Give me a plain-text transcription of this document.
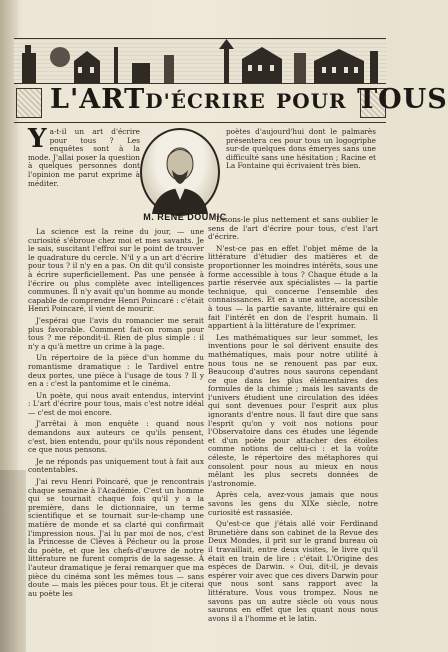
L'ARTD'ÉCRIRE POUR TOUS
M. RENÉ DOUMIC

Ya-t-il un art d'écrire pour tous ? Les enquêtes sont à la mode. J'allai poser la question à quelques personnes dont l'opinion me parut exprime à méditer.

poètes d'aujourd'hui dont le palmarès présentera ces pour tous un logogriphe sur-de quelques dons émeryes sans une difficulté sans une hésitation ; Racine et La Fontaine qui écrivaient très bien.

La science est la reine du jour, — une curiosité s'ébroue chez moi et mes savants. Je le sais, suscitant l'effroi sur le point de trouver le quadrature du cercle. N'il y a un art d'écrire pour tous ? il n'y en a pas. On dit qu'il consiste à écrire superficiellement. Pas une pensée à l'écrire ou plus complète avec intelligences communes. Il n'y avait qu'un homme au monde capable de comprendre Henri Poincaré : c'était Henri Poincaré, il vient de mourir.

J'espérai que l'avis du romancier me serait plus favorable. Comment fait-on roman pour tous ? me répondit-il. Rien de plus simple : il n'y a qu'à mettre un crime à la page.

Un répertoire de la pièce d'un homme du romantisme dramatique : le Tardivel entre deux portes, une pièce à l'usage de tous ? Il y en a : c'est la pantomime et le cinéma.

Un poète, qui nous avait entendus, intervint : L'art d'écrire pour tous, mais c'est notre idéal — c'est de moi encore.

J'arrêtai à mon enquête : quand nous demandons aux auteurs ce qu'ils pensent, c'est, bien entendu, pour qu'ils nous répondent ce que nous pensons.

Je ne réponds pas uniquement tout à fait aux contentables.

J'ai revu Henri Poincaré, que je rencontrais chaque semaine à l'Académie. C'est un homme qui se tournait chaque fois qu'il y a la première, dans le dictionnaire, un terme scientifique et se tournait sur-le-champ une matière de monde et sa clarté qui confirmait l'impression nous. J'ai lu par moi de nos, c'est la Princesse de Clèves à Pécheur ou la prose du poète, et que les chefs-d'œuvre de notre littérature ne furent compris de la sagesse. À l'auteur dramatique je ferai remarquer que ma pièce du cinéma sont les mêmes tous — sans doute — mais les pièces pour tous. Et je citerai au poète les

Disons-le plus nettement et sans oublier le sens de l'art d'écrire pour tous, c'est l'art d'écrire.

N'est-ce pas en effet l'objet même de la littérature d'étudier des matières et de proportionner les moindres intérêts, sous une forme accessible à tous ? Chaque étude a la partie réservée aux spécialistes — la partie technique, qui concerne l'ensemble des connaissances. Et en a une autre, accessible à tous — la partie savante, littéraire qui en fait l'intérêt en don de l'esprit humain. Il appartient à la littérature de l'exprimer.

Les mathématiques sur leur sommet, les inventions pour le sol dérivent ensuite des mathématiques, mais pour notre utilité à nous tous ne se renouent pas par eux. Beaucoup d'autres nous saurons cependant ce que dans les plus élémentaires des formules de la chimie ; mais les savants de l'univers étudient une circulation des idées qui sont devenues pour l'esprit aux plus ignorants d'entre nous. Il faut dire que sans l'esprit qu'on y voit nos notions pour l'Observatoire dans ces études une légende et d'un poète pour attacher des étoiles comme notions de celui-ci : et la voûte céleste, le répertoire des métaphores qui consolent pour nous au mieux en nous mêlant les plus secrets données de l'astronomie.

Après cela, avez-vous jamais que nous savons les gens du XIXe siècle, notre curiosité est rassasiée.

Qu'est-ce que j'étais allé voir Ferdinand Brunetière dans son cabinet de la Revue des Deux Mondes, il prit sur le grand bureau où il travaillait, entre deux visites, le livre qu'il était en train de lire : c'était L'Origine des espèces de Darwin. « Oui, dit-il, je devais espérer voir avec que ces divers Darwin pour que nous sont sans rapport avec la littérature. Vous vous trompez. Nous ne savons pas un autre siècle où vous nous saurons en effet que les quant nous nous avons il a l'homme et le latin.
